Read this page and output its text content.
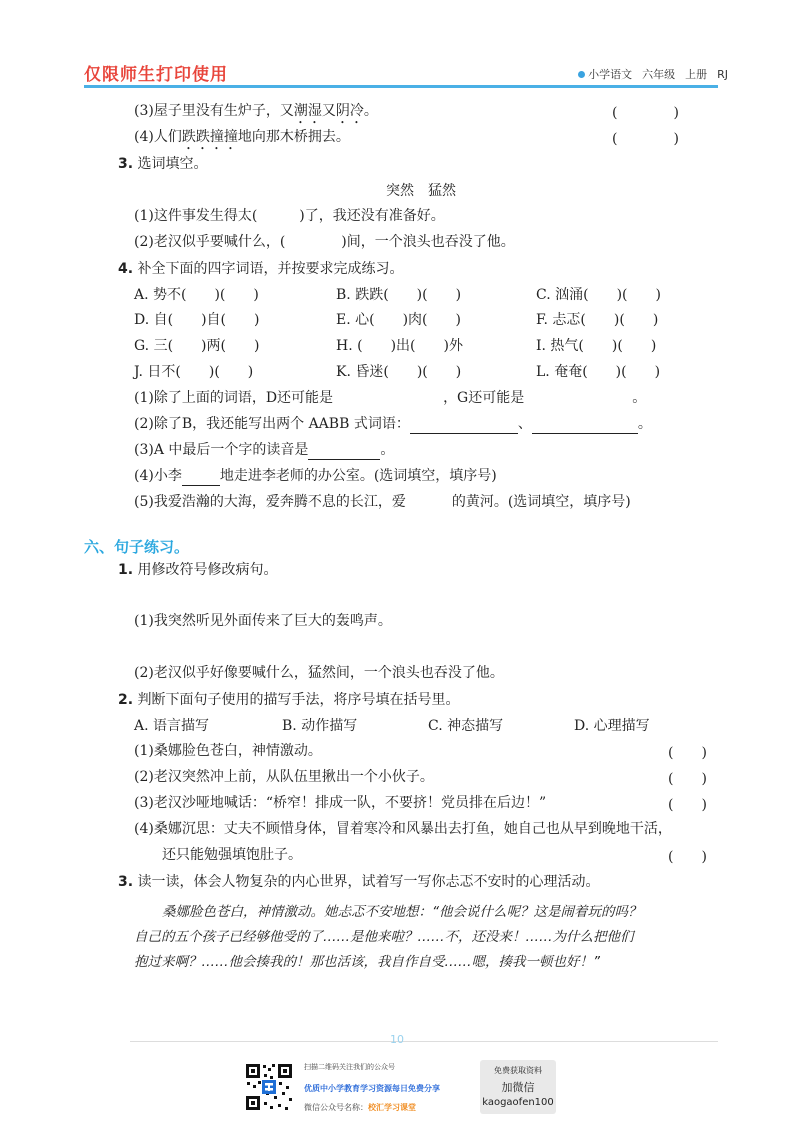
仅限师生打印使用	小学语文 六年级 上册 RJ
(3)屋子里没有生炉子，又潮湿又阴冷。	(　　　　)
(4)人们跌跌撞撞地向那木桥拥去。	(　　　　)
3. 选词填空。
突然　猛然
(1)这件事发生得太(　　　)了，我还没有准备好。
(2)老汉似乎要喊什么，(　　　　)间，一个浪头也吞没了他。
4. 补全下面的四字词语，并按要求完成练习。
A. 势不(　　)(　　)	B. 跌跌(　　)(　　)	C. 汹涌(　　)(　　)
D. 自(　　)自(　　)	E. 心(　　)肉(　　)	F. 忐忑(　　)(　　)
G. 三(　　)两(　　)	H. (　　)出(　　)外	I. 热气(　　)(　　)
J. 日不(　　)(　　)	K. 昏迷(　　)(　　)	L. 奄奄(　　)(　　)
(1)除了上面的词语，D还可能是	，G还可能是	。
(2)除了B，我还能写出两个 AABB 式词语：	、	。
(3)A 中最后一个字的读音是	。
(4)小李	地走进李老师的办公室。(选词填空，填序号)
(5)我爱浩瀚的大海，爱奔腾不息的长江，爱	的黄河。(选词填空，填序号)
六、句子练习。
1. 用修改符号修改病句。
(1)我突然听见外面传来了巨大的轰鸣声。
(2)老汉似乎好像要喊什么，猛然间，一个浪头也吞没了他。
2. 判断下面句子使用的描写手法，将序号填在括号里。
A. 语言描写	B. 动作描写	C. 神态描写	D. 心理描写
(1)桑娜脸色苍白，神情激动。	(　　)
(2)老汉突然冲上前，从队伍里揪出一个小伙子。	(　　)
(3)老汉沙哑地喊话：“桥窄！排成一队，不要挤！党员排在后边！”	(　　)
(4)桑娜沉思：丈夫不顾惜身体，冒着寒冷和风暴出去打鱼，她自己也从早到晚地干活，
还只能勉强填饱肚子。	(　　)
3. 读一读，体会人物复杂的内心世界，试着写一写你忐忑不安时的心理活动。
桑娜脸色苍白，神情激动。她忐忑不安地想：“他会说什么呢？这是闹着玩的吗？
自己的五个孩子已经够他受的了……是他来啦？……不，还没来！……为什么把他们
抱过来啊？……他会揍我的！那也活该，我自作自受……嗯，揍我一顿也好！”
10
扫描二维码关注我们的公众号
优质中小学教育学习资源每日免费分享
微信公众号名称：校汇学习课堂
免费获取资料
加微信
kaogaofen100
